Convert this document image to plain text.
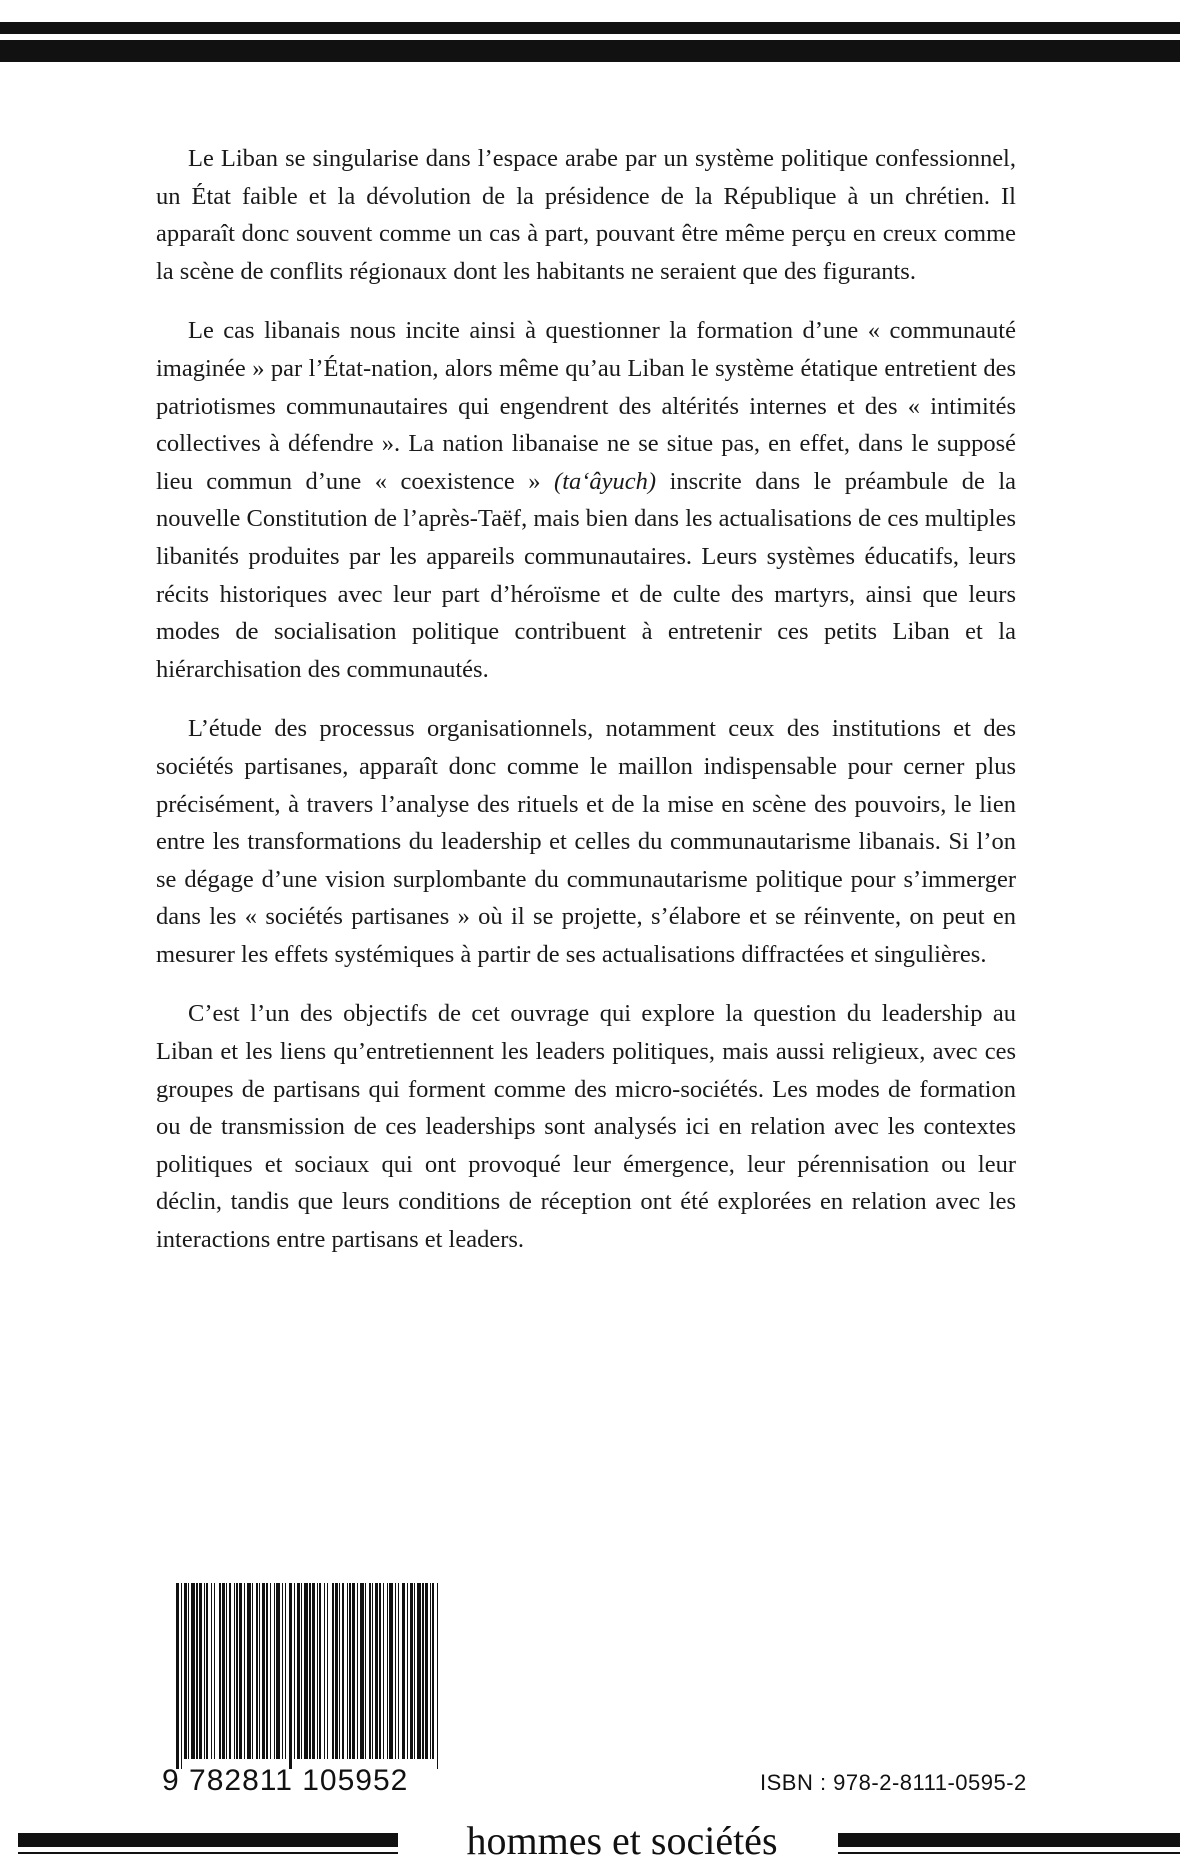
Le Liban se singularise dans l’espace arabe par un système politique confessionnel, un État faible et la dévolution de la présidence de la République à un chrétien. Il apparaît donc souvent comme un cas à part, pouvant être même perçu en creux comme la scène de conflits régionaux dont les habitants ne seraient que des figurants.

Le cas libanais nous incite ainsi à questionner la formation d’une « communauté imaginée » par l’État-nation, alors même qu’au Liban le système étatique entretient des patriotismes communautaires qui engendrent des altérités internes et des « intimités collectives à défendre ». La nation libanaise ne se situe pas, en effet, dans le supposé lieu commun d’une « coexistence » (ta‘âyuch) inscrite dans le préambule de la nouvelle Constitution de l’après-Taëf, mais bien dans les actualisations de ces multiples libanités produites par les appareils communautaires. Leurs systèmes éducatifs, leurs récits historiques avec leur part d’héroïsme et de culte des martyrs, ainsi que leurs modes de socialisation politique contribuent à entretenir ces petits Liban et la hiérarchisation des communautés.

L’étude des processus organisationnels, notamment ceux des institutions et des sociétés partisanes, apparaît donc comme le maillon indispensable pour cerner plus précisément, à travers l’analyse des rituels et de la mise en scène des pouvoirs, le lien entre les transformations du leadership et celles du communautarisme libanais. Si l’on se dégage d’une vision surplombante du communautarisme politique pour s’immerger dans les « sociétés partisanes » où il se projette, s’élabore et se réinvente, on peut en mesurer les effets systémiques à partir de ses actualisations diffractées et singulières.

C’est l’un des objectifs de cet ouvrage qui explore la question du leadership au Liban et les liens qu’entretiennent les leaders politiques, mais aussi religieux, avec ces groupes de partisans qui forment comme des micro-sociétés. Les modes de formation ou de transmission de ces leaderships sont analysés ici en relation avec les contextes politiques et sociaux qui ont provoqué leur émergence, leur pérennisation ou leur déclin, tandis que leurs conditions de réception ont été explorées en relation avec les interactions entre partisans et leaders.

9 782811 105952	ISBN : 978-2-8111-0595-2
hommes et sociétés
